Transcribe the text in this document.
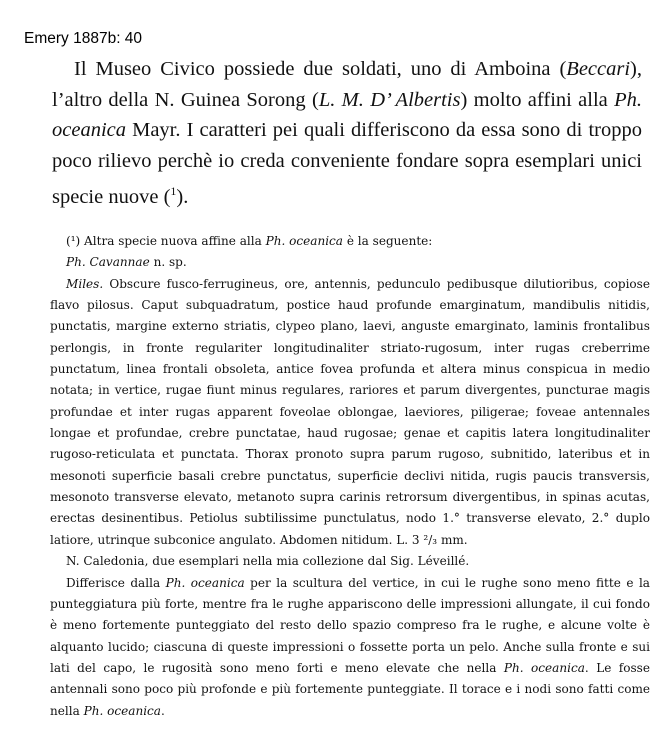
Emery 1887b: 40

Il Museo Civico possiede due soldati, uno di Amboina (Beccari), l’altro della N. Guinea Sorong (L. M. D’ Albertis) molto affini alla Ph. oceanica Mayr. I caratteri pei quali differiscono da essa sono di troppo poco rilievo perchè io creda conveniente fondare sopra esemplari unici specie nuove ($^1$).

(¹) Altra specie nuova affine alla Ph. oceanica è la seguente:

Ph. Cavannae n. sp.

Miles. Obscure fusco-ferrugineus, ore, antennis, pedunculo pedibusque dilutioribus, copiose flavo pilosus. Caput subquadratum, postice haud profunde emarginatum, mandibulis nitidis, punctatis, margine externo striatis, clypeo plano, laevi, anguste emarginato, laminis frontalibus perlongis, in fronte regulariter longitudinaliter striato-rugosum, inter rugas creberrime punctatum, linea frontali obsoleta, antice fovea profunda et altera minus conspicua in medio notata; in vertice, rugae fiunt minus regulares, rariores et parum divergentes, puncturae magis profundae et inter rugas apparent foveolae oblongae, laeviores, piligerae; foveae antennales longae et profundae, crebre punctatae, haud rugosae; genae et capitis latera longitudinaliter rugoso-reticulata et punctata. Thorax pronoto supra parum rugoso, subnitido, lateribus et in mesonoti superficie basali crebre punctatus, superficie declivi nitida, rugis paucis transversis, mesonoto transverse elevato, metanoto supra carinis retrorsum divergentibus, in spinas acutas, erectas desinentibus. Petiolus subtilissime punctulatus, nodo 1.° transverse elevato, 2.° duplo latiore, utrinque subconice angulato. Abdomen nitidum. L. 3 ²/₃ mm.

N. Caledonia, due esemplari nella mia collezione dal Sig. Léveillé.

Differisce dalla Ph. oceanica per la scultura del vertice, in cui le rughe sono meno fitte e la punteggiatura più forte, mentre fra le rughe appariscono delle impressioni allungate, il cui fondo è meno fortemente punteggiato del resto dello spazio compreso fra le rughe, e alcune volte è alquanto lucido; ciascuna di queste impressioni o fossette porta un pelo. Anche sulla fronte e sui lati del capo, le rugosità sono meno forti e meno elevate che nella Ph. oceanica. Le fosse antennali sono poco più profonde e più fortemente punteggiate. Il torace e i nodi sono fatti come nella Ph. oceanica.
